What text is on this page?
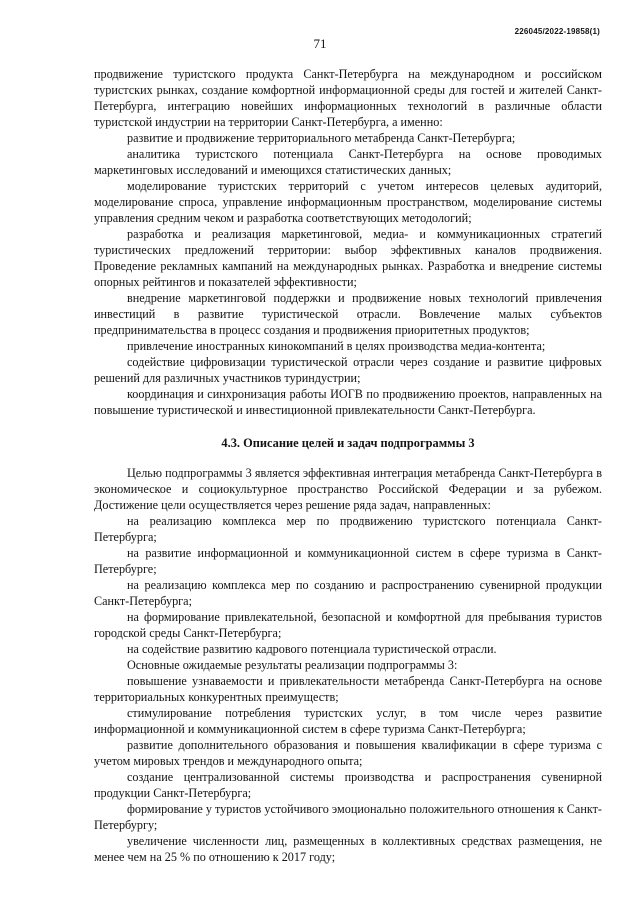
226045/2022-19858(1)
71

продвижение туристского продукта Санкт-Петербурга на международном и российском туристских рынках, создание комфортной информационной среды для гостей и жителей Санкт-Петербурга, интеграцию новейших информационных технологий в различные области туристской индустрии на территории Санкт-Петербурга, а именно:

развитие и продвижение территориального метабренда Санкт-Петербурга;

аналитика туристского потенциала Санкт-Петербурга на основе проводимых маркетинговых исследований и имеющихся статистических данных;

моделирование туристских территорий с учетом интересов целевых аудиторий, моделирование спроса, управление информационным пространством, моделирование системы управления средним чеком и разработка соответствующих методологий;

разработка и реализация маркетинговой, медиа- и коммуникационных стратегий туристических предложений территории: выбор эффективных каналов продвижения. Проведение рекламных кампаний на международных рынках. Разработка и внедрение системы опорных рейтингов и показателей эффективности;

внедрение маркетинговой поддержки и продвижение новых технологий привлечения инвестиций в развитие туристической отрасли. Вовлечение малых субъектов предпринимательства в процесс создания и продвижения приоритетных продуктов;

привлечение иностранных кинокомпаний в целях производства медиа-контента;

содействие цифровизации туристической отрасли через создание и развитие цифровых решений для различных участников туриндустрии;

координация и синхронизация работы ИОГВ по продвижению проектов, направленных на повышение туристической и инвестиционной привлекательности Санкт-Петербурга.

4.3. Описание целей и задач подпрограммы 3

Целью подпрограммы 3 является эффективная интеграция метабренда Санкт-Петербурга в экономическое и социокультурное пространство Российской Федерации и за рубежом. Достижение цели осуществляется через решение ряда задач, направленных:

на реализацию комплекса мер по продвижению туристского потенциала Санкт-Петербурга;

на развитие информационной и коммуникационной систем в сфере туризма в Санкт-Петербурге;

на реализацию комплекса мер по созданию и распространению сувенирной продукции Санкт-Петербурга;

на формирование привлекательной, безопасной и комфортной для пребывания туристов городской среды Санкт-Петербурга;

на содействие развитию кадрового потенциала туристической отрасли.

Основные ожидаемые результаты реализации подпрограммы 3:

повышение узнаваемости и привлекательности метабренда Санкт-Петербурга на основе территориальных конкурентных преимуществ;

стимулирование потребления туристских услуг, в том числе через развитие информационной и коммуникационной систем в сфере туризма Санкт-Петербурга;

развитие дополнительного образования и повышения квалификации в сфере туризма с учетом мировых трендов и международного опыта;

создание централизованной системы производства и распространения сувенирной продукции Санкт-Петербурга;

формирование у туристов устойчивого эмоционально положительного отношения к Санкт-Петербургу;

увеличение численности лиц, размещенных в коллективных средствах размещения, не менее чем на 25 % по отношению к 2017 году;
